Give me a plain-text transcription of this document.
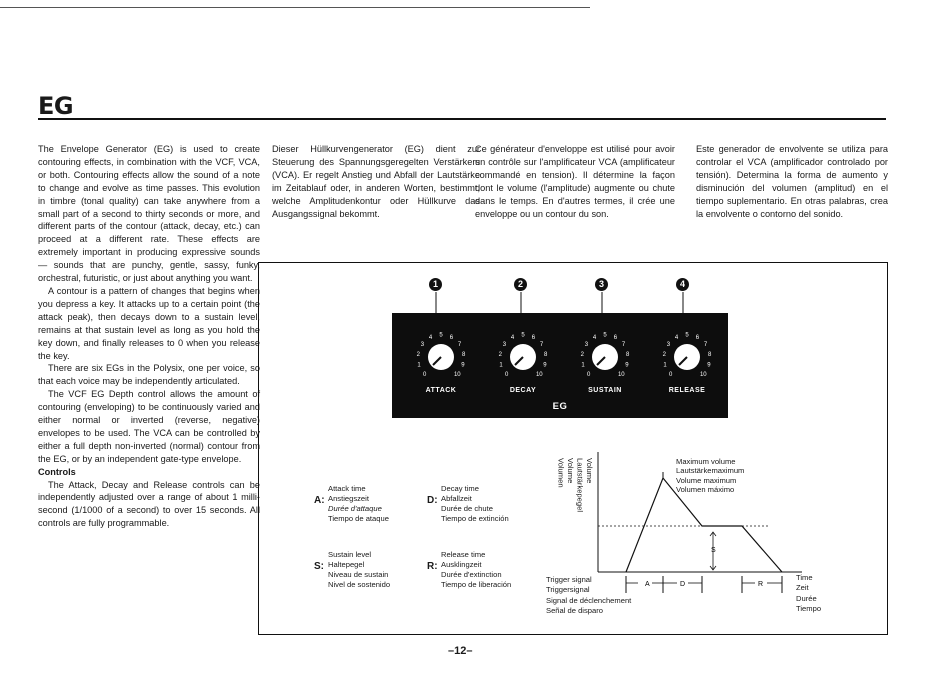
EG

The Envelope Generator (EG) is used to create contouring effects, in combination with the VCF, VCA, or both. Contouring effects allow the sound of a note to change and evolve as time passes. This evolution in timbre (tonal quality) can take anywhere from a small part of a second to thirty seconds or more, and different parts of the contour (attack, decay, etc.) can proceed at a different rate. These effects are extremely important in producing expressive sounds — sounds that are punchy, gentle, sassy, funky, orchestral, futuristic, or just about anything you want.

A contour is a pattern of changes that begins when you depress a key. It attacks up to a certain point (the attack peak), then decays down to a sustain level, remains at that sustain level as long as you hold the key down, and finally releases to 0 when you release the key.

There are six EGs in the Polysix, one per voice, so that each voice may be independently articulated.

The VCF EG Depth control allows the amount of contouring (enveloping) to be continuously varied and either normal or inverted (reverse, negative) envelopes to be used. The VCA can be controlled by either a full depth non-inverted (normal) contour from the EG, or by an independent gate-type envelope.

Controls

The Attack, Decay and Release controls can be independently adjusted over a range of about 1 milli-second (1/1000 of a second) to over 15 seconds. All controls are fully programmable.

Dieser Hüllkurvengenerator (EG) dient zur Steuerung des Spannungsgeregelten Verstärkers (VCA). Er regelt Anstieg und Abfall der Lautstärke im Zeitablauf oder, in anderen Worten, bestimmt, welche Amplitudenkontur oder Hüllkurve das Ausgangssignal bekommt.

Ce générateur d'enveloppe est utilisé pour avoir un contrôle sur l'amplificateur VCA (amplificateur commandé en tension). Il détermine la façon dont le volume (l'amplitude) augmente ou chute dans le temps. En d'autres termes, il crée une enveloppe ou un contour du son.

Este generador de envolvente se utiliza para controlar el VCA (amplificador controlado por tensión). Determina la forma de aumento y disminución del volumen (amplitud) en el tiempo suplementario. En otras palabras, crea la envolvente o contorno del sonido.

1	2	3	4
0
1
2
3
4 5 6
7
8
9
10	0
1
2
3
4 5 6
7
8
9
10	0
1
2
3
4 5 6
7
8
9
10	0
1
2
3
4 5 6
7
8
9
10
ATTACK	DECAY	SUSTAIN	RELEASE
EG
A:
Attack time
Anstiegszeit
Durée d'attaque
Tiempo de ataque
D:
Decay time
Abfallzeit
Durée de chute
Tiempo de extinción
S:
Sustain level
Haltepegel
Niveau de sustain
Nivel de sostenido
R:
Release time
Ausklingzeit
Durée d'extinction
Tiempo de liberación	A	D
S
R
Volume
Lautstärkepegel
Volume
Volumen	Maximum volume
Lautstärkemaximum
Volume maximum
Volumen máximo
Trigger signal
Triggersignal
Signal de déclenchement
Señal de disparo
Time
Zeit
Durée
Tiempo
–12–
